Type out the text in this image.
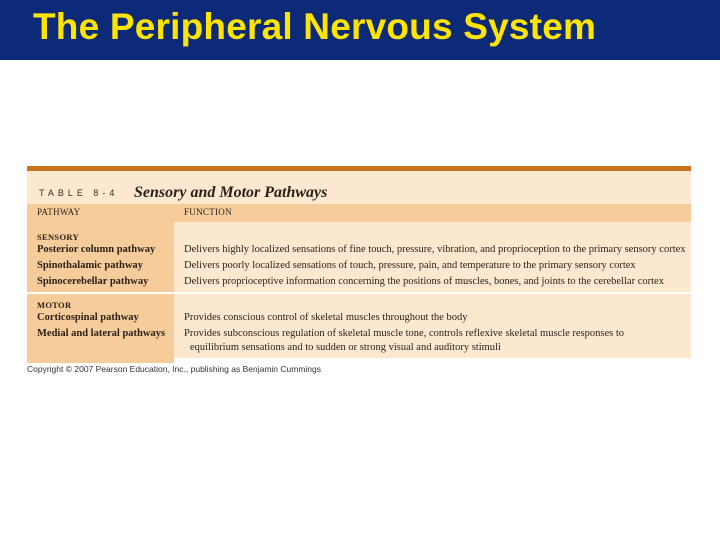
The Peripheral Nervous System
TABLE 8-4 Sensory and Motor Pathways
PATHWAY	FUNCTION
SENSORY
Posterior column pathway	Delivers highly localized sensations of fine touch, pressure, vibration, and proprioception to the primary sensory cortex
Spinothalamic pathway	Delivers poorly localized sensations of touch, pressure, pain, and temperature to the primary sensory cortex
Spinocerebellar pathway	Delivers proprioceptive information concerning the positions of muscles, bones, and joints to the cerebellar cortex
MOTOR
Corticospinal pathway	Provides conscious control of skeletal muscles throughout the body
Medial and lateral pathways Provides subconscious regulation of skeletal muscle tone, controls reflexive skeletal muscle responses to
equilibrium sensations and to sudden or strong visual and auditory stimuli
Copyright © 2007 Pearson Education, Inc., publishing as Benjamin Cummings
